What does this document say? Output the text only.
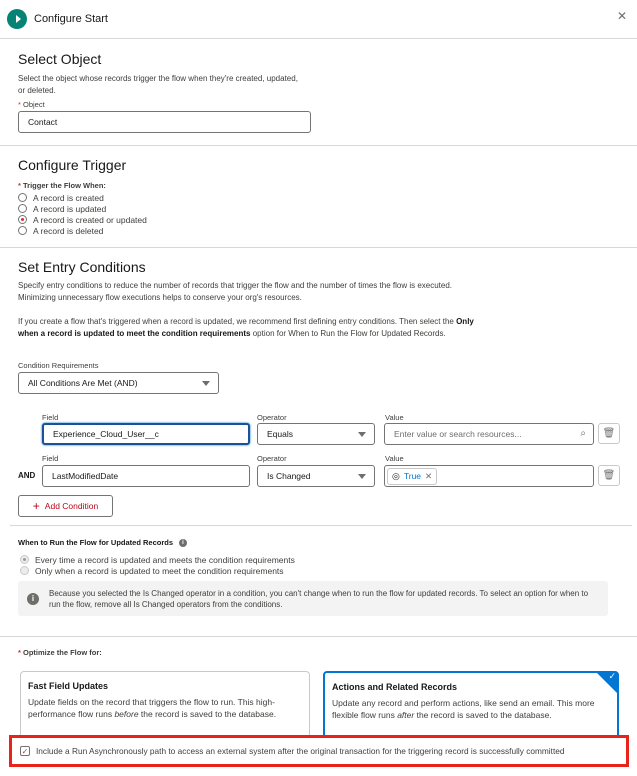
Configure Start	✕
Select Object
Select the object whose records trigger the flow when they're created, updated, or deleted.
* Object
Contact
Configure Trigger
* Trigger the Flow When:
A record is created
A record is updated
A record is created or updated
A record is deleted
Set Entry Conditions
Specify entry conditions to reduce the number of records that trigger the flow and the number of times the flow is executed. Minimizing unnecessary flow executions helps to conserve your org's resources.
If you create a flow that's triggered when a record is updated, we recommend first defining entry conditions. Then select the Only when a record is updated to meet the condition requirements option for When to Run the Flow for Updated Records.
Condition Requirements
All Conditions Are Met (AND)
Field	Operator	Value
Experience_Cloud_User__c	Equals	Enter value or search resources...	⌕ 🗑
Field	Operator	Value
AND LastModifiedDate	Is Changed	◎ True ✕	🗑
+ Add Condition
When to Run the Flow for Updated Records	i
Every time a record is updated and meets the condition requirements
Only when a record is updated to meet the condition requirements
i
Because you selected the Is Changed operator in a condition, you can't change when to run the flow for updated records. To select an option for when to run the flow, remove all Is Changed operators from the conditions.
* Optimize the Flow for:
Fast Field Updates
Update fields on the record that triggers the flow to run. This high-performance flow runs before the record is saved to the database.
✓
Actions and Related Records
Update any record and perform actions, like send an email. This more flexible flow runs after the record is saved to the database.
✓ Include a Run Asynchronously path to access an external system after the original transaction for the triggering record is successfully committed
